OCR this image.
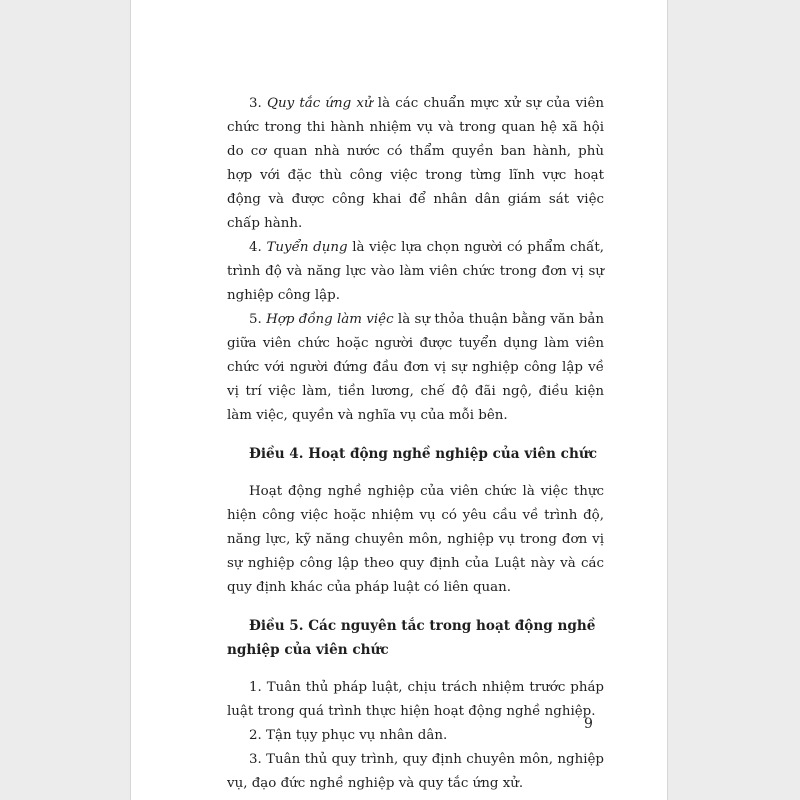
3. Quy tắc ứng xử là các chuẩn mực xử sự của viên chức trong thi hành nhiệm vụ và trong quan hệ xã hội do cơ quan nhà nước có thẩm quyền ban hành, phù hợp với đặc thù công việc trong từng lĩnh vực hoạt động và được công khai để nhân dân giám sát việc chấp hành.

4. Tuyển dụng là việc lựa chọn người có phẩm chất, trình độ và năng lực vào làm viên chức trong đơn vị sự nghiệp công lập.

5. Hợp đồng làm việc là sự thỏa thuận bằng văn bản giữa viên chức hoặc người được tuyển dụng làm viên chức với người đứng đầu đơn vị sự nghiệp công lập về vị trí việc làm, tiền lương, chế độ đãi ngộ, điều kiện làm việc, quyền và nghĩa vụ của mỗi bên.

Điều 4. Hoạt động nghề nghiệp của viên chức

Hoạt động nghề nghiệp của viên chức là việc thực hiện công việc hoặc nhiệm vụ có yêu cầu về trình độ, năng lực, kỹ năng chuyên môn, nghiệp vụ trong đơn vị sự nghiệp công lập theo quy định của Luật này và các quy định khác của pháp luật có liên quan.

Điều 5. Các nguyên tắc trong hoạt động nghề nghiệp của viên chức

1. Tuân thủ pháp luật, chịu trách nhiệm trước pháp luật trong quá trình thực hiện hoạt động nghề nghiệp.

2. Tận tụy phục vụ nhân dân.

3. Tuân thủ quy trình, quy định chuyên môn, nghiệp vụ, đạo đức nghề nghiệp và quy tắc ứng xử.

9
